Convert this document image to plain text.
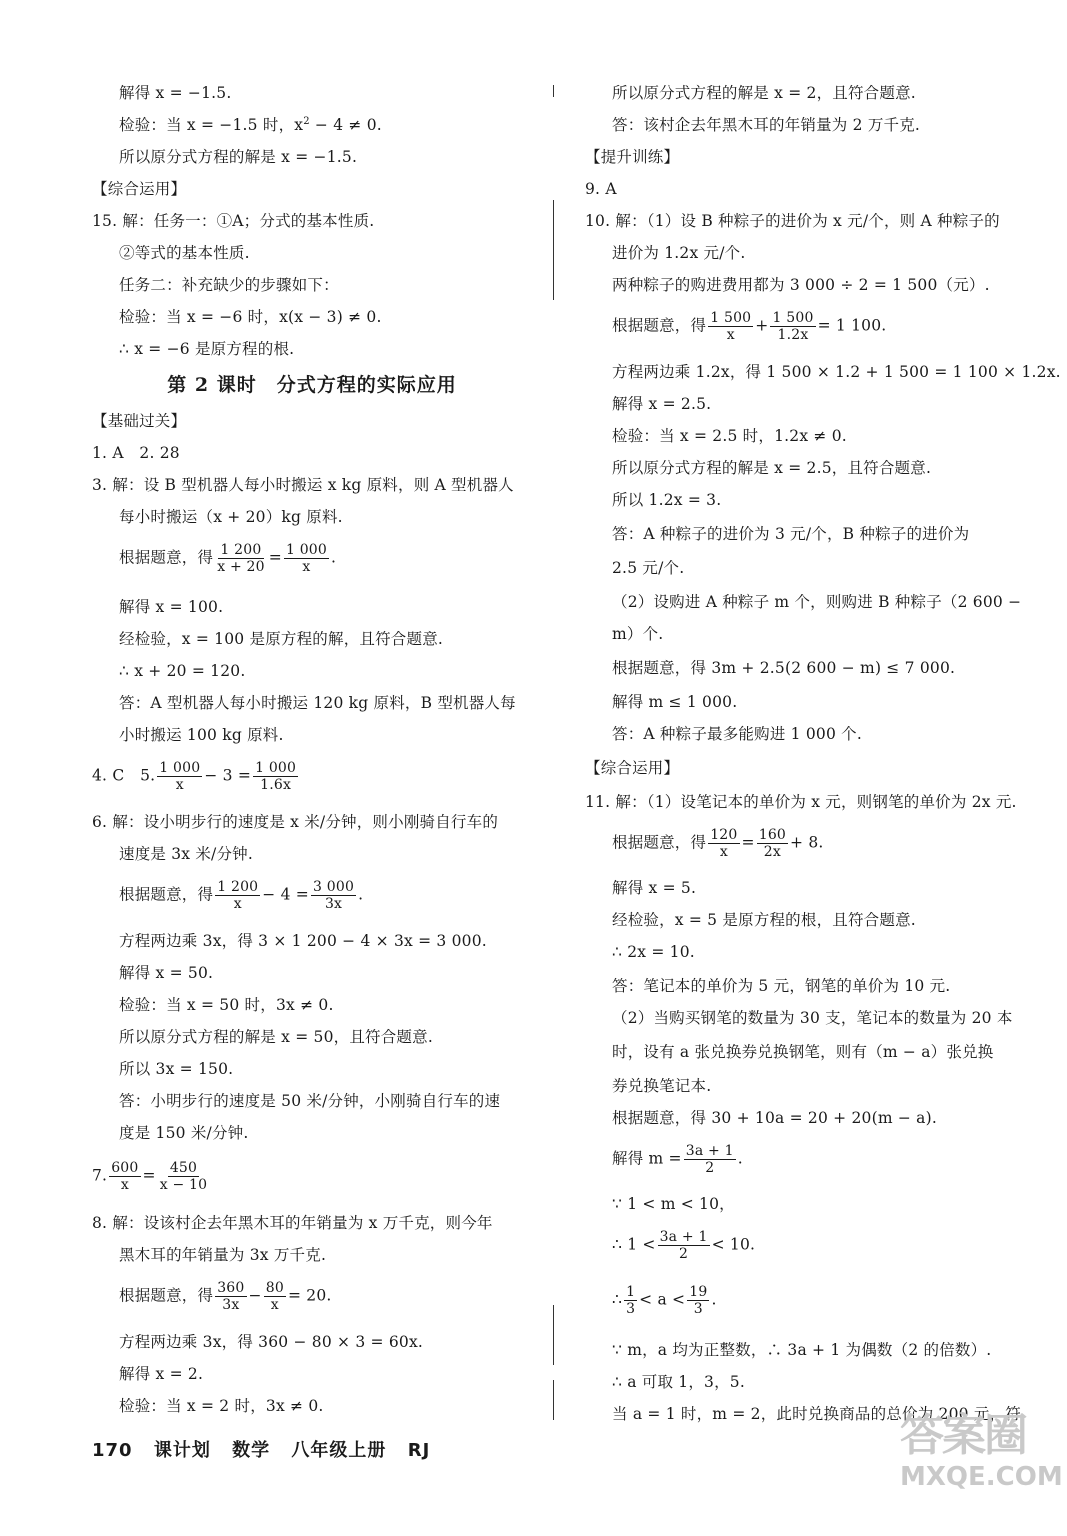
解得 x = −1.5.
检验：当 x = −1.5 时，$x^2 - 4 \ne 0$.
所以原分式方程的解是 x = −1.5.
【综合运用】
15. 解：任务一：①A；分式的基本性质.
②等式的基本性质.
任务二：补充缺少的步骤如下：
检验：当 x = −6 时，x(x − 3) ≠ 0.
∴ x = −6 是原方程的根.
第 2 课时　分式方程的实际应用
【基础过关】
1. A　2. 28
3. 解：设 B 型机器人每小时搬运 x kg 原料，则 A 型机器人
每小时搬运（x + 20）kg 原料.
根据题意，得 $\frac{1 200}{x + 20} = \frac{1 000}{x}$ .
解得 x = 100.
经检验，x = 100 是原方程的解，且符合题意.
∴ x + 20 = 120.
答：A 型机器人每小时搬运 120 kg 原料，B 型机器人每
小时搬运 100 kg 原料.
4. C　5. $\frac{1 000}{x} - 3 = \frac{1 000}{1.6x}$
6. 解：设小明步行的速度是 x 米/分钟，则小刚骑自行车的
速度是 3x 米/分钟.
根据题意，得 $\frac{1 200}{x} - 4 = \frac{3 000}{3x}$ .
方程两边乘 3x，得 3 × 1 200 − 4 × 3x = 3 000.
解得 x = 50.
检验：当 x = 50 时，3x ≠ 0.
所以原分式方程的解是 x = 50，且符合题意.
所以 3x = 150.
答：小明步行的速度是 50 米/分钟，小刚骑自行车的速
度是 150 米/分钟.
7. $\frac{600}{x} = \frac{450}{x - 10}$
8. 解：设该村企去年黑木耳的年销量为 x 万千克，则今年
黑木耳的年销量为 3x 万千克.
根据题意，得 $\frac{360}{3x} - \frac{80}{x} = 20$.
方程两边乘 3x，得 360 − 80 × 3 = 60x.
解得 x = 2.
检验：当 x = 2 时，3x ≠ 0.
所以原分式方程的解是 x = 2，且符合题意.
答：该村企去年黑木耳的年销量为 2 万千克.
【提升训练】
9. A
10. 解：（1）设 B 种粽子的进价为 x 元/个，则 A 种粽子的
进价为 1.2x 元/个.
两种粽子的购进费用都为 3 000 ÷ 2 = 1 500（元）.
根据题意，得 $\frac{1 500}{x} + \frac{1 500}{1.2x} = 1$ 100.
方程两边乘 1.2x，得 1 500 × 1.2 + 1 500 = 1 100 × 1.2x.
解得 x = 2.5.
检验：当 x = 2.5 时，1.2x ≠ 0.
所以原分式方程的解是 x = 2.5，且符合题意.
所以 1.2x = 3.
答：A 种粽子的进价为 3 元/个，B 种粽子的进价为
2.5 元/个.
（2）设购进 A 种粽子 m 个，则购进 B 种粽子（2 600 −
m）个.
根据题意，得 3m + 2.5(2 600 − m) ≤ 7 000.
解得 m ≤ 1 000.
答：A 种粽子最多能购进 1 000 个.
【综合运用】
11. 解：（1）设笔记本的单价为 x 元，则钢笔的单价为 2x 元.
根据题意，得 $\frac{120}{x} = \frac{160}{2x} + 8$.
解得 x = 5.
经检验，x = 5 是原方程的根，且符合题意.
∴ 2x = 10.
答：笔记本的单价为 5 元，钢笔的单价为 10 元.
（2）当购买钢笔的数量为 30 支，笔记本的数量为 20 本
时，设有 a 张兑换券兑换钢笔，则有（m − a）张兑换
券兑换笔记本.
根据题意，得 30 + 10a = 20 + 20(m − a).
解得 $m = \frac{3a + 1}{2}$ .
∵ 1 < m < 10，
∴ $1 < \frac{3a + 1}{2} < 10$.
∴ $\frac{1}{3} < a < \frac{19}{3}$ .
∵ m，a 均为正整数，∴ 3a + 1 为偶数（2 的倍数）.
∴ a 可取 1，3，5.
当 a = 1 时，m = 2，此时兑换商品的总价为 200 元，符
170 课计划 数学 八年级上册 RJ	答案圈
MXQE.COM
